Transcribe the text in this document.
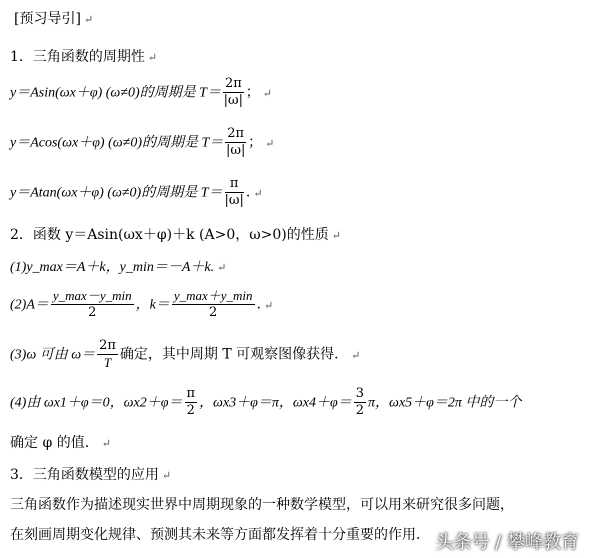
[预习导引] ↵
1．三角函数的周期性 ↵
y＝Asin(ωx＋φ) (ω≠0)的周期是 $T= \frac{2\pi}{|\omega|}$ ； ↵
y＝Acos(ωx＋φ) (ω≠0)的周期是 $T= \frac{2\pi}{|\omega|}$ ； ↵
y＝Atan(ωx＋φ) (ω≠0)的周期是 $T= \frac{\pi}{|\omega|}$ . ↵
2．函数 y＝Asin(ωx＋φ)＋k (A>0，ω>0)的性质 ↵
(1)y_max＝A＋k，y_min＝－A＋k. ↵
$(2)A= \frac{y\_\max-y\_\min}{2}$ ，$k= \frac{y\_\max+y\_\min}{2}$ . ↵
(3)ω 可由 $\omega= \frac{2\pi}{T}$ 确定，其中周期 T 可观察图像获得． ↵
(4)由 ωx1＋φ＝0，$\omega x2+\varphi= \frac{\pi}{2}$ ，ωx3＋φ＝π，$\omega x4+\varphi= \frac{3}{2}$ π，ωx5＋φ＝2π 中的一个
确定 φ 的值． ↵
3．三角函数模型的应用 ↵
三角函数作为描述现实世界中周期现象的一种数学模型，可以用来研究很多问题，
在刻画周期变化规律、预测其未来等方面都发挥着十分重要的作用． 头条号 / 攀峰教育
